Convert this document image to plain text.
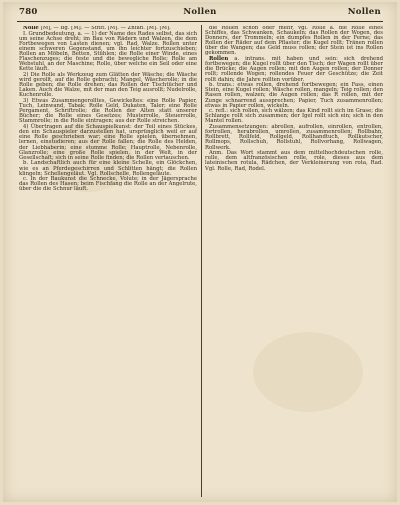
780	Nollen	Nollen

Nolle [M], — Bg. [M]. — Stnft. [M]. — Znfan. [M]. [M].

I. Grundbedeutung, a. — 1) der Name des Rades selbst, das sich um seine Achse dreht; im Bau von Rädern und Walzen, die dem Fortbewegen von Lasten dienen; vgl. Rad, Walze. Rollen unter einem schweren Gegenstand, um ihn leichter fortzuschieben; Rollen an Möbeln, Betten, Stühlen; die Rolle einer Winde, eines Flaschenzuges; die feste und die bewegliche Rolle; Rolle am Webstuhl, an der Maschine; Rolle, über welche ein Seil oder eine Kette läuft.

2) Die Rolle als Werkzeug zum Glätten der Wäsche; die Wäsche wird gerollt, auf die Rolle gebracht; Mangel, Wäscherolle; in die Rolle geben; die Rolle drehen; das Rollen der Tischtücher und Laken. Auch die Walze, mit der man den Teig ausrollt; Nudelrolle, Kuchenrolle.

3) Etwas Zusammengerolltes, Gewickeltes: eine Rolle Papier, Tuch, Leinwand, Tabak; Rolle Geld, Dukaten, Taler; eine Rolle Pergament, Schriftrolle; die Rollen der Alten statt unserer Bücher; die Rolle eines Gesetzes; Musterrolle, Steuerrolle, Stammrolle; in die Rolle eintragen; aus der Rolle streichen.

4) Übertragen auf die Schauspielkunst: der Teil eines Stückes, den ein Schauspieler darzustellen hat, ursprünglich weil er auf eine Rolle geschrieben war; eine Rolle spielen, übernehmen, lernen, einstudieren; aus der Rolle fallen; die Rolle des Helden, der Liebhaberin; eine stumme Rolle; Hauptrolle, Nebenrolle, Glanzrolle; eine große Rolle spielen, in der Welt, in der Gesellschaft; sich in seine Rolle finden; die Rollen vertauschen.

b. Landschaftlich auch für eine kleine Schelle, ein Glöckchen, wie es an Pferdegeschirren und Schlitten hängt; die Rollen klingeln; Schellengeläut. Vgl. Rollschelle, Rollengeläute.

c. In der Baukunst die Schnecke, Volute; in der Jägersprache das Rollen des Hasen; beim Fischfang die Rolle an der Angelrute, über die die Schnur läuft.

die Rollen schon oder mehr, vgl. Rolle a. die Rolle eines Schiffes, das Schwanken, Schaukeln; das Rollen der Wogen, des Donners, der Trommeln; ein dumpfes Rollen in der Ferne; das Rollen der Räder auf dem Pflaster; die Kugel rollt; Tränen rollen über die Wangen; das Geld muss rollen; der Stein ist ins Rollen gekommen.

Rollen a. intrans. mit haben und sein: sich drehend fortbewegen; die Kugel rollt über den Tisch; der Wagen rollt über die Brücke; die Augen rollen; mit den Augen rollen; der Donner rollt; rollende Wogen; rollendes Feuer der Geschütze; die Zeit rollt dahin; die Jahre rollten vorüber.

b. trans.: etwas rollen, drehend fortbewegen; ein Fass, einen Stein, eine Kugel rollen; Wäsche rollen, mangeln; Teig rollen; den Rasen rollen, walzen; die Augen rollen; das R rollen, mit der Zunge schnarrend aussprechen; Papier, Tuch zusammenrollen; etwas in Papier rollen, wickeln.

c. refl.: sich rollen, sich wälzen; das Kind rollt sich im Grase; die Schlange rollt sich zusammen; der Igel rollt sich ein; sich in den Mantel rollen.

Zusammensetzungen: abrollen, aufrollen, einrollen, entrollen, fortrollen, herabrollen, umrollen, zusammenrollen; Rollbahn, Rollbrett, Rollfeld, Rollgeld, Rollhandtuch, Rollkutscher, Rollmops, Rollschuh, Rollstuhl, Rollvorhang, Rollwagen, Rollwerk.

Anm. Das Wort stammt aus dem mittelhochdeutschen rolle, rulle, dem altfranzösischen rolle, role, dieses aus dem lateinischen rotula, Rädchen, der Verkleinerung von rota, Rad. Vgl. Rolle, Rad, Rodel.
